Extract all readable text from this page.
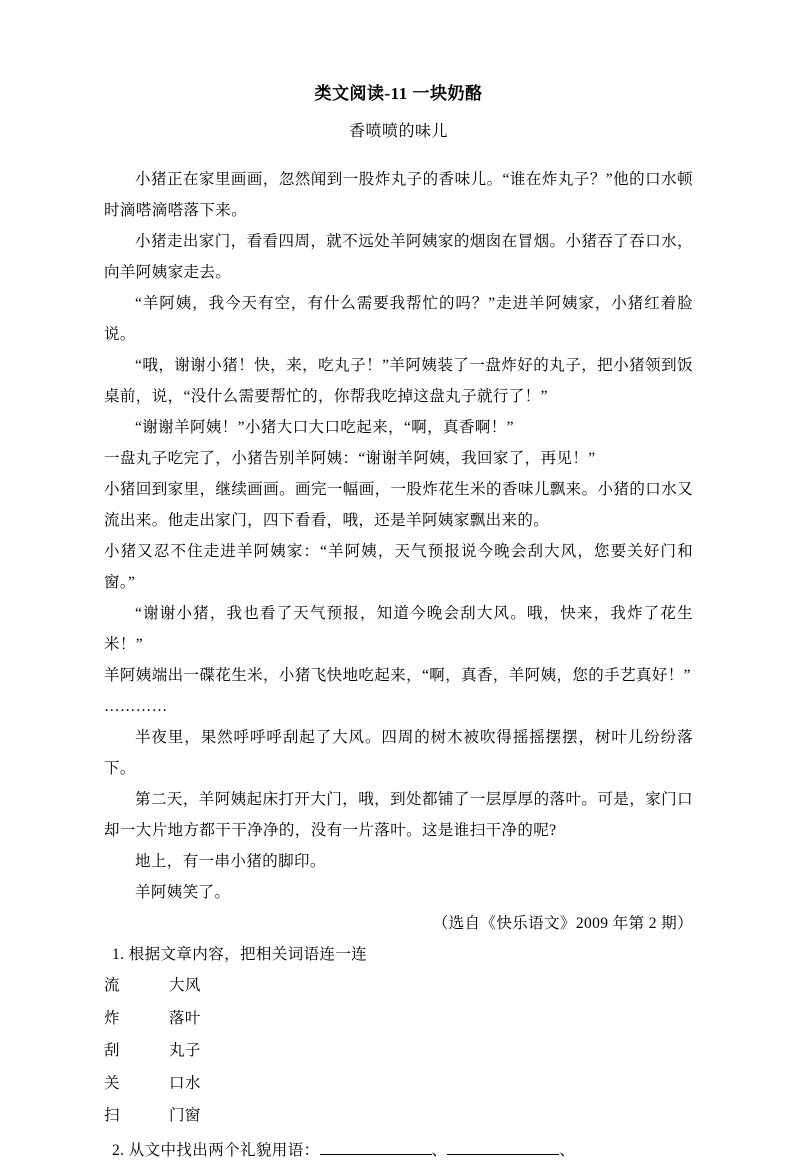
类文阅读-11 一块奶酪
香喷喷的味儿

小猪正在家里画画，忽然闻到一股炸丸子的香味儿。“谁在炸丸子？”他的口水顿时滴嗒滴嗒落下来。

小猪走出家门，看看四周，就不远处羊阿姨家的烟囱在冒烟。小猪吞了吞口水，向羊阿姨家走去。

“羊阿姨，我今天有空，有什么需要我帮忙的吗？”走进羊阿姨家，小猪红着脸说。

“哦，谢谢小猪！快，来，吃丸子！”羊阿姨装了一盘炸好的丸子，把小猪领到饭桌前，说，“没什么需要帮忙的，你帮我吃掉这盘丸子就行了！”

“谢谢羊阿姨！”小猪大口大口吃起来，“啊，真香啊！”

一盘丸子吃完了，小猪告别羊阿姨：“谢谢羊阿姨，我回家了，再见！”

小猪回到家里，继续画画。画完一幅画，一股炸花生米的香味儿飘来。小猪的口水又流出来。他走出家门，四下看看，哦，还是羊阿姨家飘出来的。

小猪又忍不住走进羊阿姨家：“羊阿姨，天气预报说今晚会刮大风，您要关好门和窗。”

“谢谢小猪，我也看了天气预报，知道今晚会刮大风。哦，快来，我炸了花生米！”

羊阿姨端出一碟花生米，小猪飞快地吃起来，“啊，真香，羊阿姨，您的手艺真好！”

…………

半夜里，果然呼呼呼刮起了大风。四周的树木被吹得摇摇摆摆，树叶儿纷纷落下。

第二天，羊阿姨起床打开大门，哦，到处都铺了一层厚厚的落叶。可是，家门口却一大片地方都干干净净的，没有一片落叶。这是谁扫干净的呢?

地上，有一串小猪的脚印。

羊阿姨笑了。

（选自《快乐语文》2009 年第 2 期）

1. 根据文章内容，把相关词语连一连

流	大风
炸	落叶
刮	丸子
关	口水
扫	门窗

2. 从文中找出两个礼貌用语：	、	、
